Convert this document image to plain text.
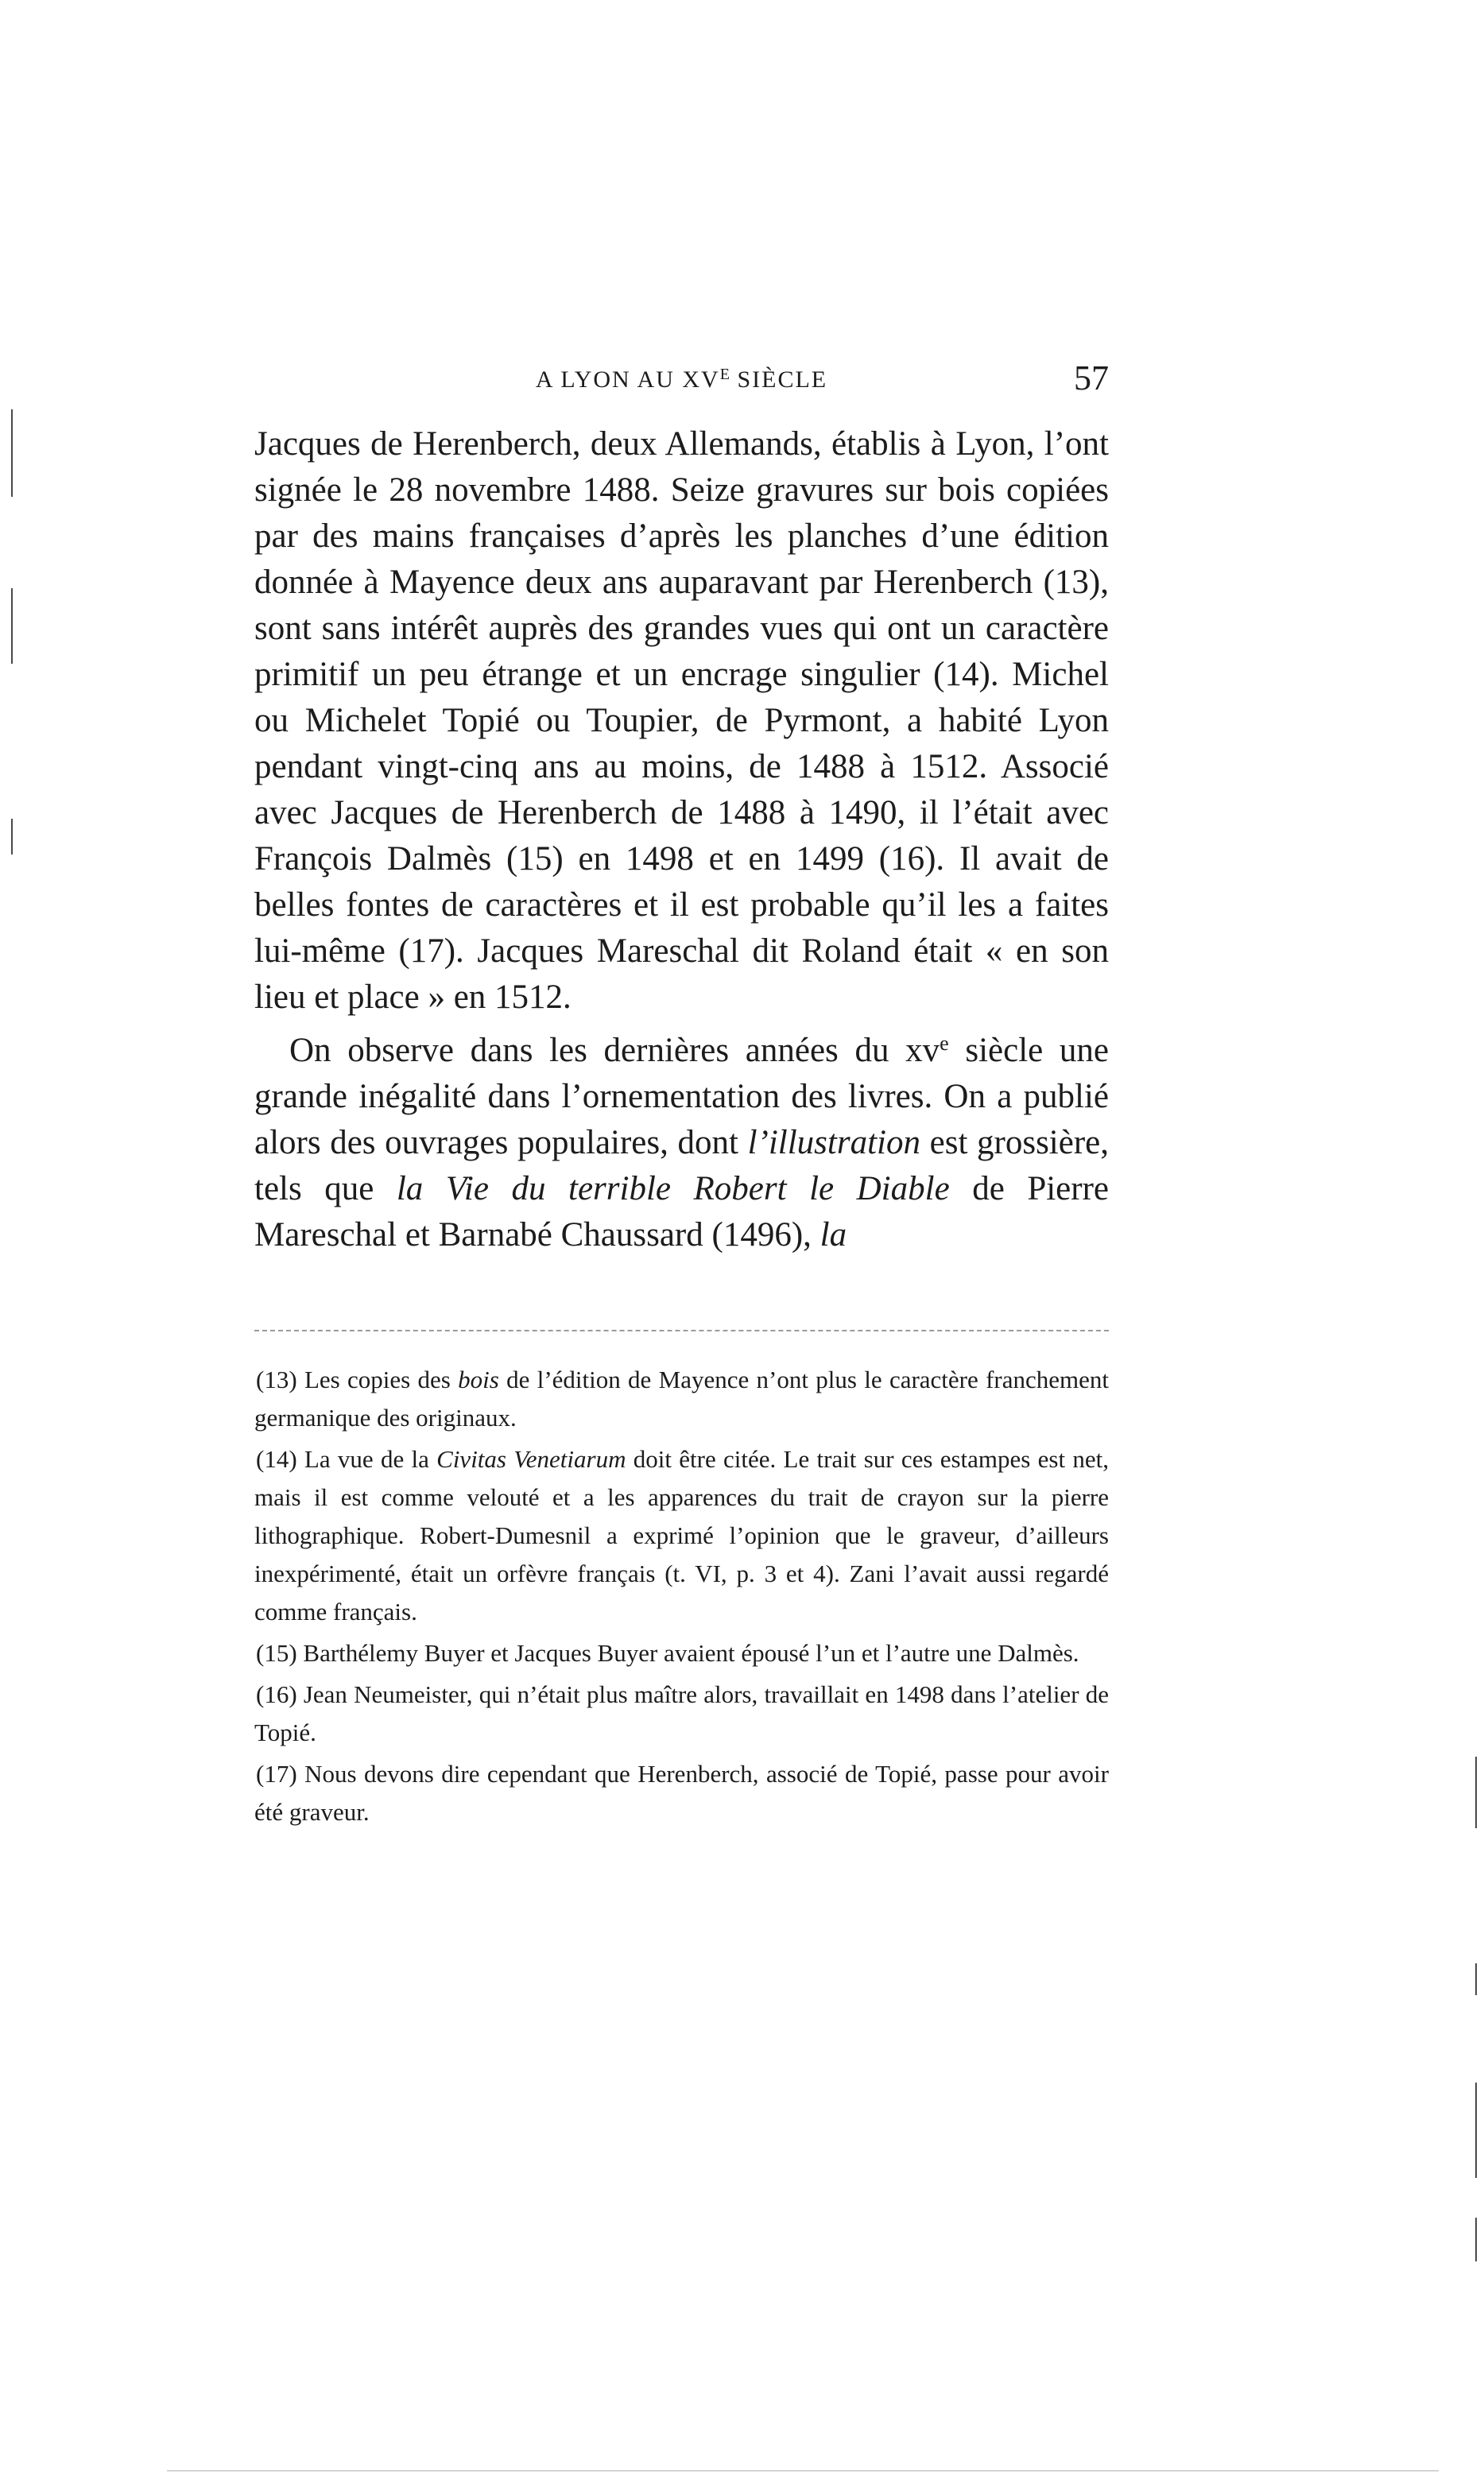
A LYON AU $XV^E$ SIÈCLE	57

Jacques de Herenberch, deux Allemands, établis à Lyon, l’ont signée le 28 novembre 1488. Seize gravures sur bois copiées par des mains françaises d’après les planches d’une édition donnée à Mayence deux ans auparavant par Herenberch (13), sont sans intérêt auprès des grandes vues qui ont un caractère primitif un peu étrange et un encrage singulier (14). Michel ou Michelet Topié ou Toupier, de Pyrmont, a habité Lyon pendant vingt-cinq ans au moins, de 1488 à 1512. Associé avec Jacques de Herenberch de 1488 à 1490, il l’était avec François Dalmès (15) en 1498 et en 1499 (16). Il avait de belles fontes de caractères et il est probable qu’il les a faites lui-même (17). Jacques Mareschal dit Roland était « en son lieu et place » en 1512.

On observe dans les dernières années du $xv^e$ siècle une grande inégalité dans l’ornementation des livres. On a publié alors des ouvrages populaires, dont l’illustration est grossière, tels que la Vie du terrible Robert le Diable de Pierre Mareschal et Barnabé Chaussard (1496), la

(13) Les copies des bois de l’édition de Mayence n’ont plus le caractère franchement germanique des originaux.

(14) La vue de la Civitas Venetiarum doit être citée. Le trait sur ces estampes est net, mais il est comme velouté et a les apparences du trait de crayon sur la pierre lithographique. Robert-Dumesnil a exprimé l’opinion que le graveur, d’ailleurs inexpérimenté, était un orfèvre français (t. VI, p. 3 et 4). Zani l’avait aussi regardé comme français.

(15) Barthélemy Buyer et Jacques Buyer avaient épousé l’un et l’autre une Dalmès.

(16) Jean Neumeister, qui n’était plus maître alors, travaillait en 1498 dans l’atelier de Topié.

(17) Nous devons dire cependant que Herenberch, associé de Topié, passe pour avoir été graveur.
